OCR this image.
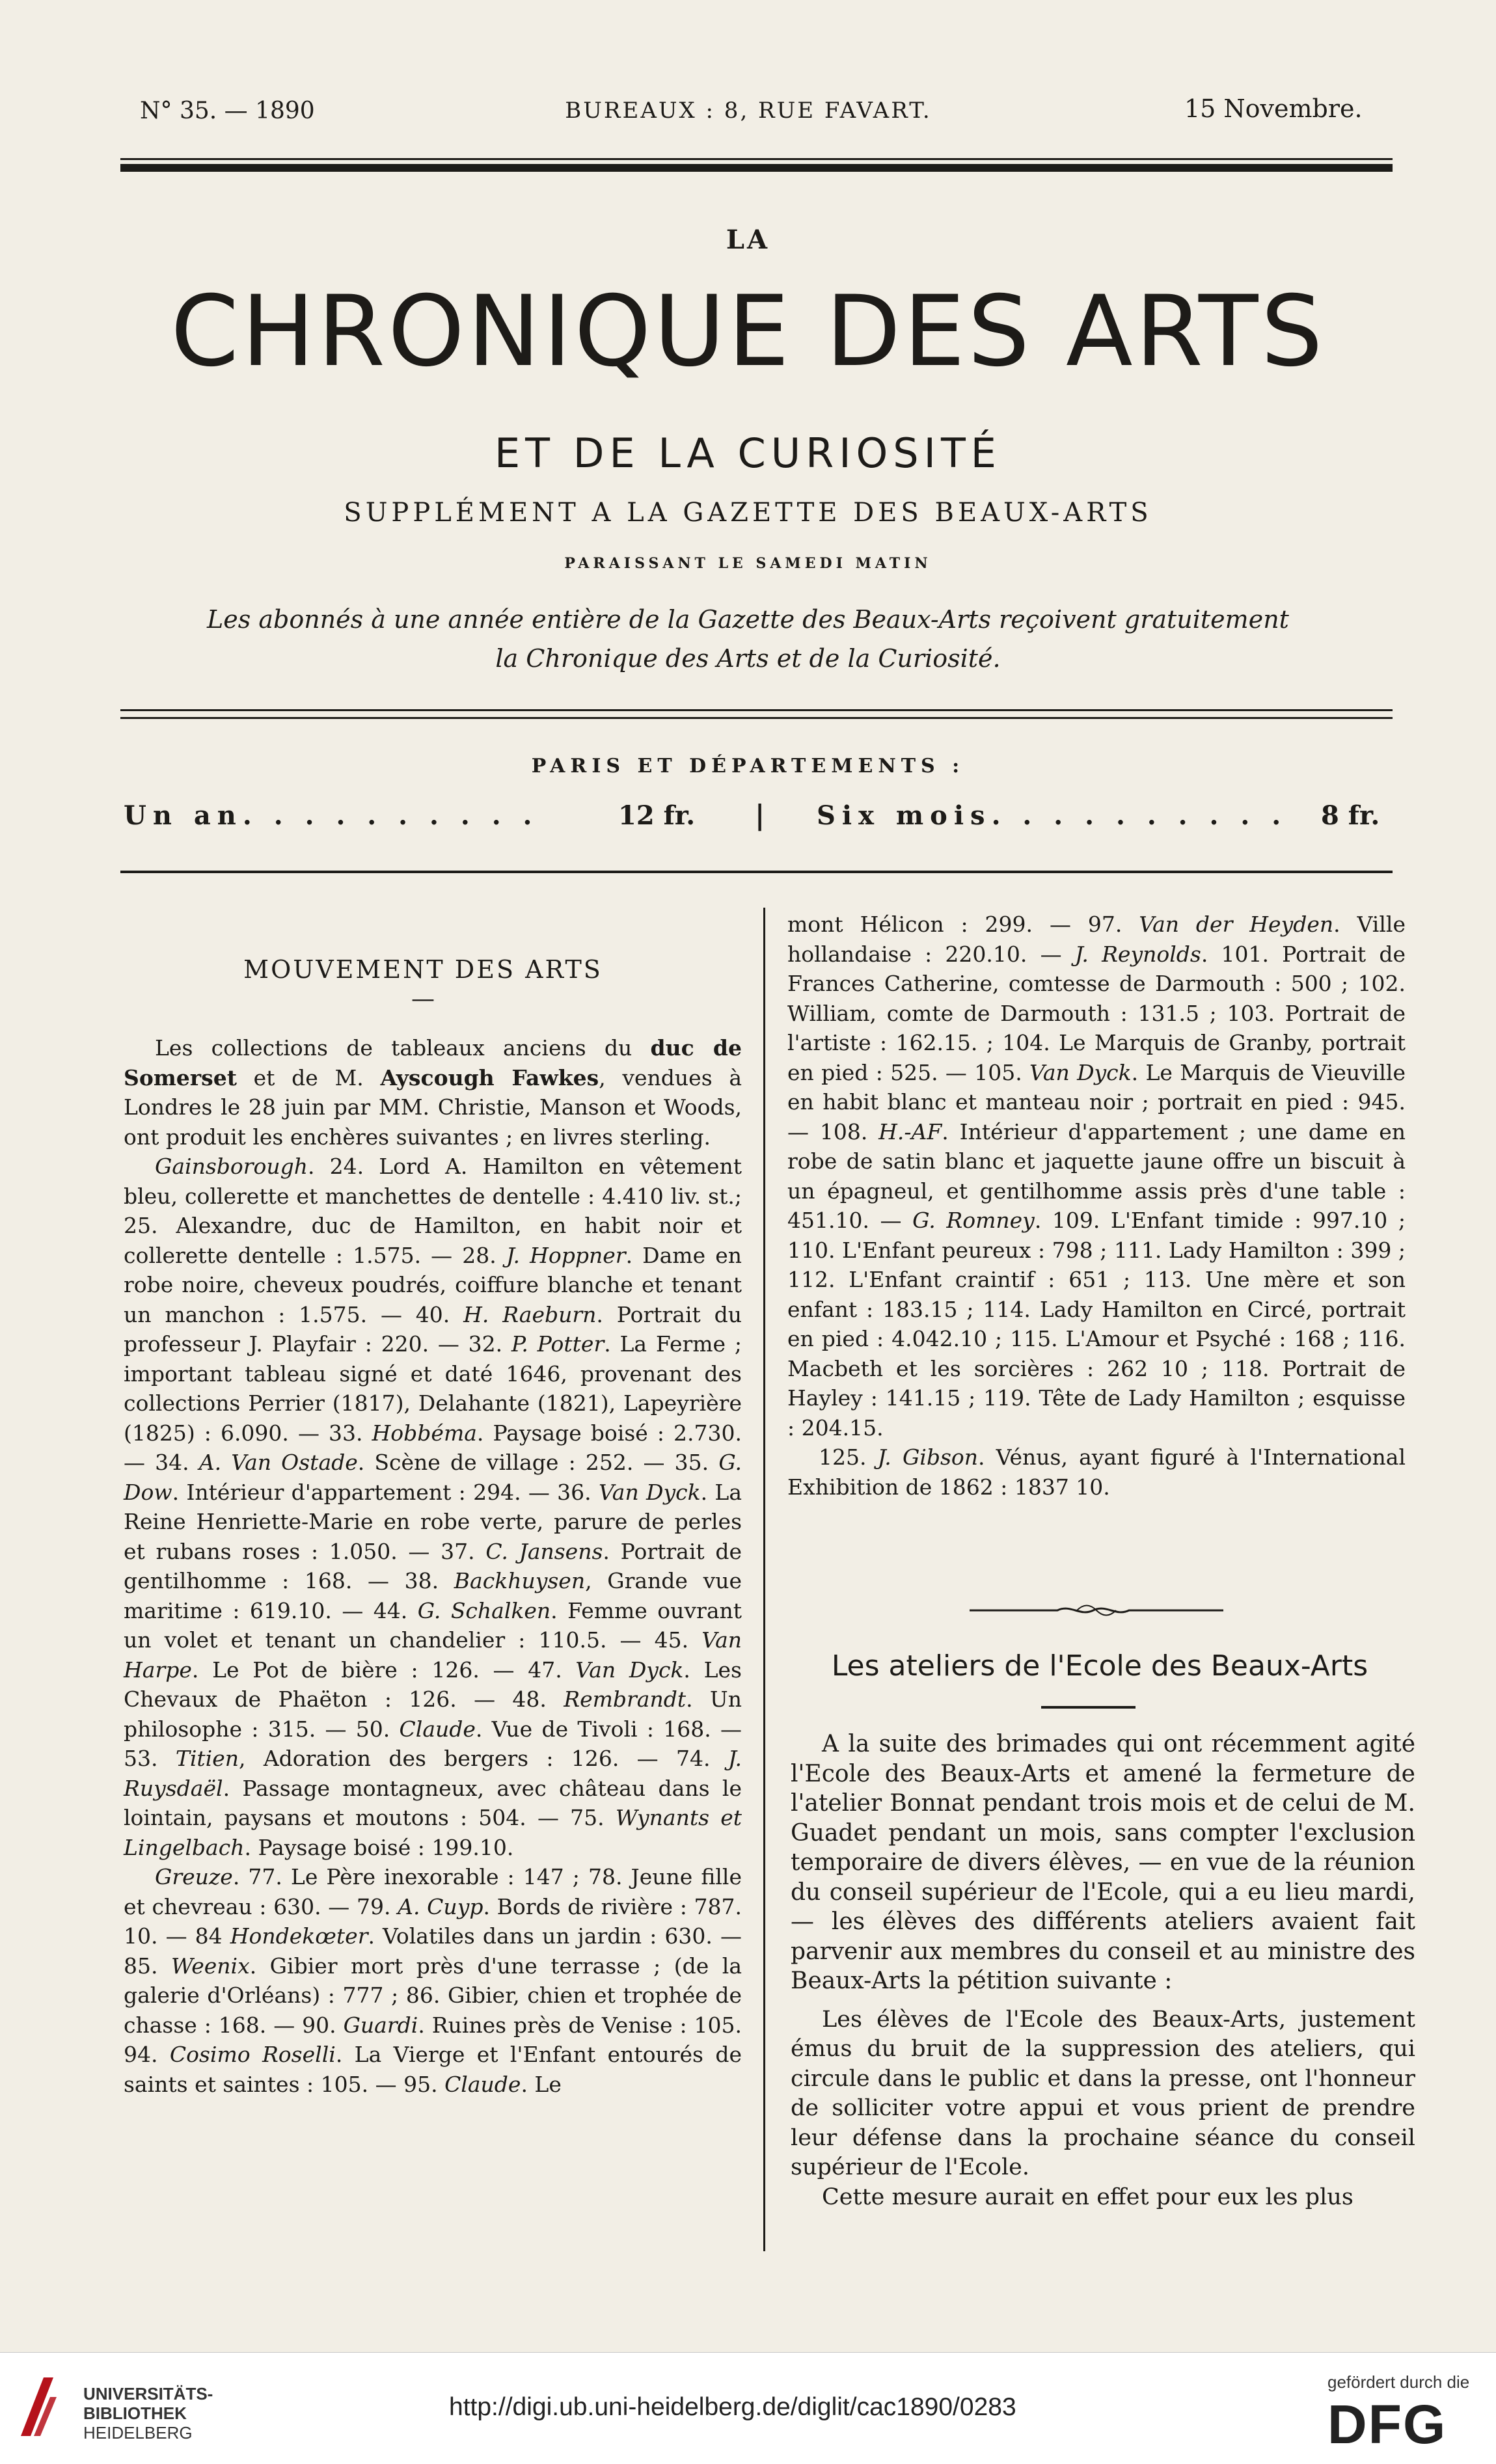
N° 35. — 1890	BUREAUX : 8, RUE FAVART.	15 Novembre.
LA
CHRONIQUE DES ARTS
ET DE LA CURIOSITÉ
SUPPLÉMENT A LA GAZETTE DES BEAUX-ARTS
PARAISSANT LE SAMEDI MATIN
Les abonnés à une année entière de la Gazette des Beaux-Arts reçoivent gratuitement
la Chronique des Arts et de la Curiosité.
PARIS ET DÉPARTEMENTS :
Un an. . . . . . . . . .	12 fr. | Six mois. . . . . . . . . . 8 fr.
MOUVEMENT DES ARTS
—

Les collections de tableaux anciens du duc de Somerset et de M. Ayscough Fawkes, vendues à Londres le 28 juin par MM. Christie, Manson et Woods, ont produit les enchères suivantes ; en livres sterling.

Gainsborough. 24. Lord A. Hamilton en vêtement bleu, collerette et manchettes de dentelle : 4.410 liv. st.; 25. Alexandre, duc de Hamilton, en habit noir et collerette dentelle : 1.575. — 28. J. Hoppner. Dame en robe noire, cheveux poudrés, coiffure blanche et tenant un manchon : 1.575. — 40. H. Raeburn. Portrait du professeur J. Playfair : 220. — 32. P. Potter. La Ferme ; important tableau signé et daté 1646, provenant des collections Perrier (1817), Delahante (1821), Lapeyrière (1825) : 6.090. — 33. Hobbéma. Paysage boisé : 2.730. — 34. A. Van Ostade. Scène de village : 252. — 35. G. Dow. Intérieur d'appartement : 294. — 36. Van Dyck. La Reine Henriette-Marie en robe verte, parure de perles et rubans roses : 1.050. — 37. C. Jansens. Portrait de gentilhomme : 168. — 38. Backhuysen, Grande vue maritime : 619.10. — 44. G. Schalken. Femme ouvrant un volet et tenant un chandelier : 110.5. — 45. Van Harpe. Le Pot de bière : 126. — 47. Van Dyck. Les Chevaux de Phaëton : 126. — 48. Rembrandt. Un philosophe : 315. — 50. Claude. Vue de Tivoli : 168. — 53. Titien, Adoration des bergers : 126. — 74. J. Ruysdaël. Passage montagneux, avec château dans le lointain, paysans et moutons : 504. — 75. Wynants et Lingelbach. Paysage boisé : 199.10.

Greuze. 77. Le Père inexorable : 147 ; 78. Jeune fille et chevreau : 630. — 79. A. Cuyp. Bords de rivière : 787. 10. — 84 Hondekœter. Volatiles dans un jardin : 630. — 85. Weenix. Gibier mort près d'une terrasse ; (de la galerie d'Orléans) : 777 ; 86. Gibier, chien et trophée de chasse : 168. — 90. Guardi. Ruines près de Venise : 105. 94. Cosimo Roselli. La Vierge et l'Enfant entourés de saints et saintes : 105. — 95. Claude. Le

mont Hélicon : 299. — 97. Van der Heyden. Ville hollandaise : 220.10. — J. Reynolds. 101. Portrait de Frances Catherine, comtesse de Darmouth : 500 ; 102. William, comte de Darmouth : 131.5 ; 103. Portrait de l'artiste : 162.15. ; 104. Le Marquis de Granby, portrait en pied : 525. — 105. Van Dyck. Le Marquis de Vieuville en habit blanc et manteau noir ; portrait en pied : 945. — 108. H.-AF. Intérieur d'appartement ; une dame en robe de satin blanc et jaquette jaune offre un biscuit à un épagneul, et gentilhomme assis près d'une table : 451.10. — G. Romney. 109. L'Enfant timide : 997.10 ; 110. L'Enfant peureux : 798 ; 111. Lady Hamilton : 399 ; 112. L'Enfant craintif : 651 ; 113. Une mère et son enfant : 183.15 ; 114. Lady Hamilton en Circé, portrait en pied : 4.042.10 ; 115. L'Amour et Psyché : 168 ; 116. Macbeth et les sorcières : 262 10 ; 118. Portrait de Hayley : 141.15 ; 119. Tête de Lady Hamilton ; esquisse : 204.15.

125. J. Gibson. Vénus, ayant figuré à l'International Exhibition de 1862 : 1837 10.

Les ateliers de l'Ecole des Beaux-Arts

A la suite des brimades qui ont récemment agité l'Ecole des Beaux-Arts et amené la fermeture de l'atelier Bonnat pendant trois mois et de celui de M. Guadet pendant un mois, sans compter l'exclusion temporaire de divers élèves, — en vue de la réunion du conseil supérieur de l'Ecole, qui a eu lieu mardi, — les élèves des différents ateliers avaient fait parvenir aux membres du conseil et au ministre des Beaux-Arts la pétition suivante :

Les élèves de l'Ecole des Beaux-Arts, justement émus du bruit de la suppression des ateliers, qui circule dans le public et dans la presse, ont l'honneur de solliciter votre appui et vous prient de prendre leur défense dans la prochaine séance du conseil supérieur de l'Ecole.

Cette mesure aurait en effet pour eux les plus

UNIVERSITÄTS-
BIBLIOTHEK
HEIDELBERG
http://digi.ub.uni-heidelberg.de/diglit/cac1890/0283
gefördert durch die
DFG
